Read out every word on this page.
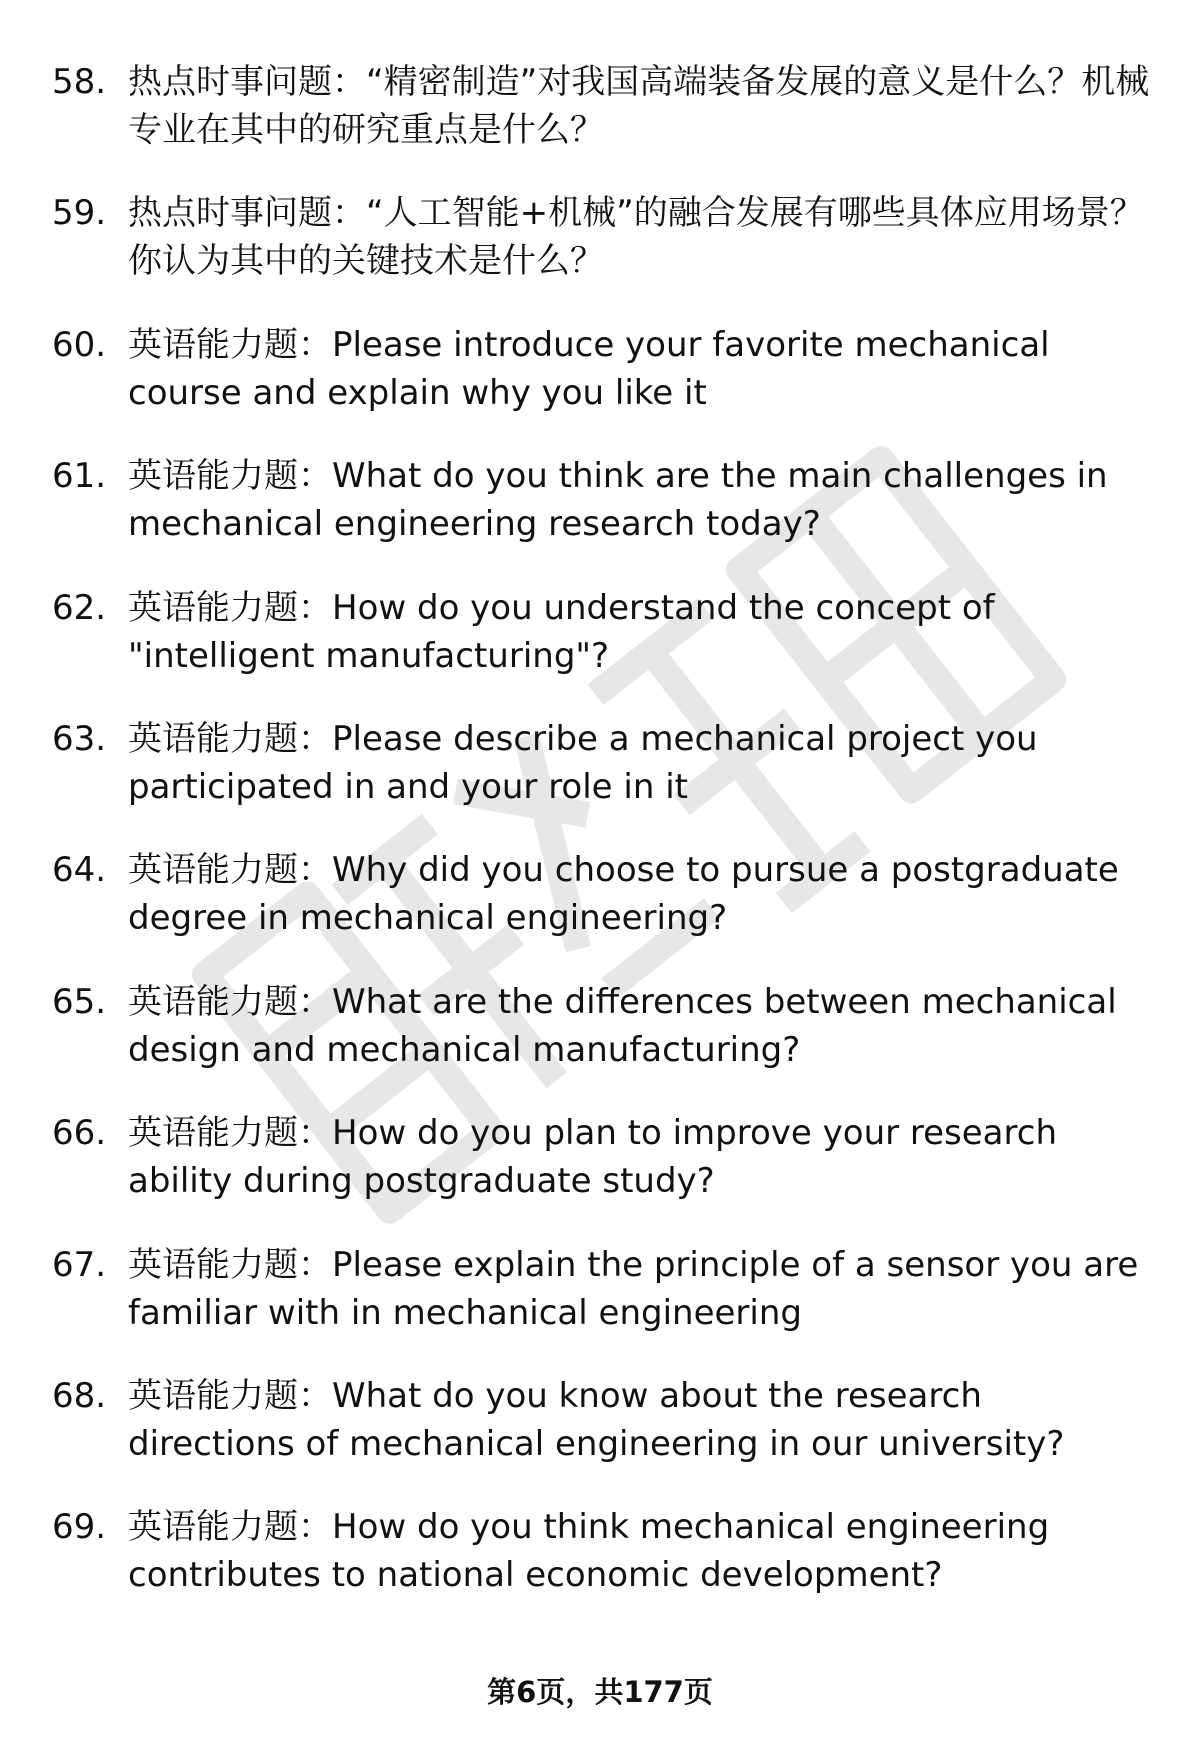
58. 热点时事问题：“精密制造”对我国高端装备发展的意义是什么？机械专业在其中的研究重点是什么？
59. 热点时事问题：“人工智能+机械”的融合发展有哪些具体应用场景？你认为其中的关键技术是什么？
60. 英语能力题：Please introduce your favorite mechanical course and explain why you like it
61. 英语能力题：What do you think are the main challenges in mechanical engineering research today?
62. 英语能力题：How do you understand the concept of "intelligent manufacturing"?
63. 英语能力题：Please describe a mechanical project you participated in and your role in it
64. 英语能力题：Why did you choose to pursue a postgraduate degree in mechanical engineering?
65. 英语能力题：What are the differences between mechanical design and mechanical manufacturing?
66. 英语能力题：How do you plan to improve your research ability during postgraduate study?
67. 英语能力题：Please explain the principle of a sensor you are familiar with in mechanical engineering
68. 英语能力题：What do you know about the research directions of mechanical engineering in our university?
69. 英语能力题：How do you think mechanical engineering contributes to national economic development?
第6页，共177页
